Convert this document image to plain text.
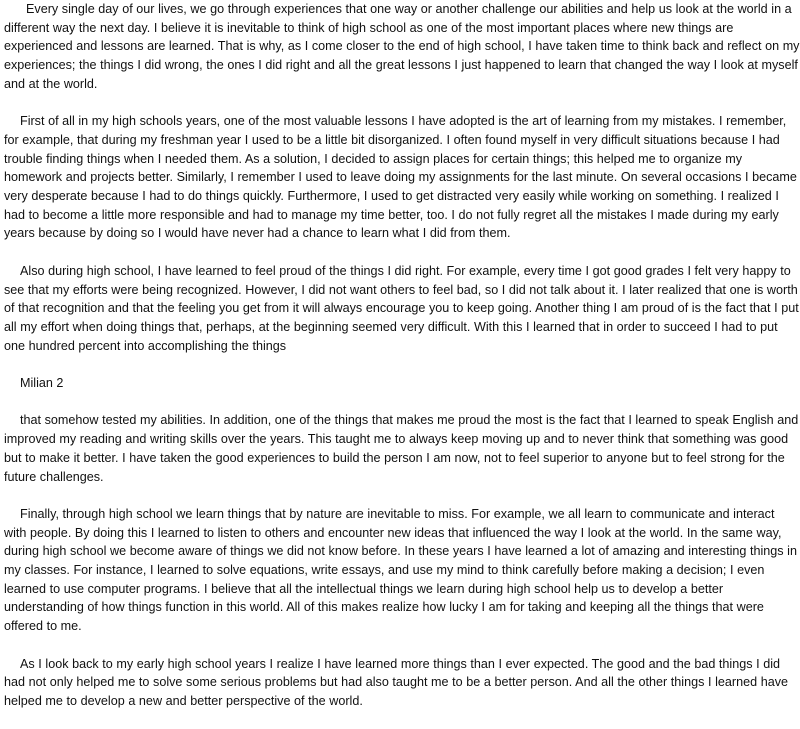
Every single day of our lives, we go through experiences that one way or another challenge our abilities and help us look at the world in a different way the next day. I believe it is inevitable to think of high school as one of the most important places where new things are experienced and lessons are learned. That is why, as I come closer to the end of high school, I have taken time to think back and reflect on my experiences; the things I did wrong, the ones I did right and all the great lessons I just happened to learn that changed the way I look at myself and at the world.

First of all in my high schools years, one of the most valuable lessons I have adopted is the art of learning from my mistakes. I remember, for example, that during my freshman year I used to be a little bit disorganized. I often found myself in very difficult situations because I had trouble finding things when I needed them. As a solution, I decided to assign places for certain things; this helped me to organize my homework and projects better. Similarly, I remember I used to leave doing my assignments for the last minute. On several occasions I became very desperate because I had to do things quickly. Furthermore, I used to get distracted very easily while working on something. I realized I had to become a little more responsible and had to manage my time better, too. I do not fully regret all the mistakes I made during my early years because by doing so I would have never had a chance to learn what I did from them.

Also during high school, I have learned to feel proud of the things I did right. For example, every time I got good grades I felt very happy to see that my efforts were being recognized. However, I did not want others to feel bad, so I did not talk about it. I later realized that one is worth of that recognition and that the feeling you get from it will always encourage you to keep going. Another thing I am proud of is the fact that I put all my effort when doing things that, perhaps, at the beginning seemed very difficult. With this I learned that in order to succeed I had to put one hundred percent into accomplishing the things

Milian 2

that somehow tested my abilities. In addition, one of the things that makes me proud the most is the fact that I learned to speak English and improved my reading and writing skills over the years. This taught me to always keep moving up and to never think that something was good but to make it better. I have taken the good experiences to build the person I am now, not to feel superior to anyone but to feel strong for the future challenges.

Finally, through high school we learn things that by nature are inevitable to miss. For example, we all learn to communicate and interact with people. By doing this I learned to listen to others and encounter new ideas that influenced the way I look at the world. In the same way, during high school we become aware of things we did not know before. In these years I have learned a lot of amazing and interesting things in my classes. For instance, I learned to solve equations, write essays, and use my mind to think carefully before making a decision; I even learned to use computer programs. I believe that all the intellectual things we learn during high school help us to develop a better understanding of how things function in this world. All of this makes realize how lucky I am for taking and keeping all the things that were offered to me.

As I look back to my early high school years I realize I have learned more things than I ever expected. The good and the bad things I did had not only helped me to solve some serious problems but had also taught me to be a better person. And all the other things I learned have helped me to develop a new and better perspective of the world.
